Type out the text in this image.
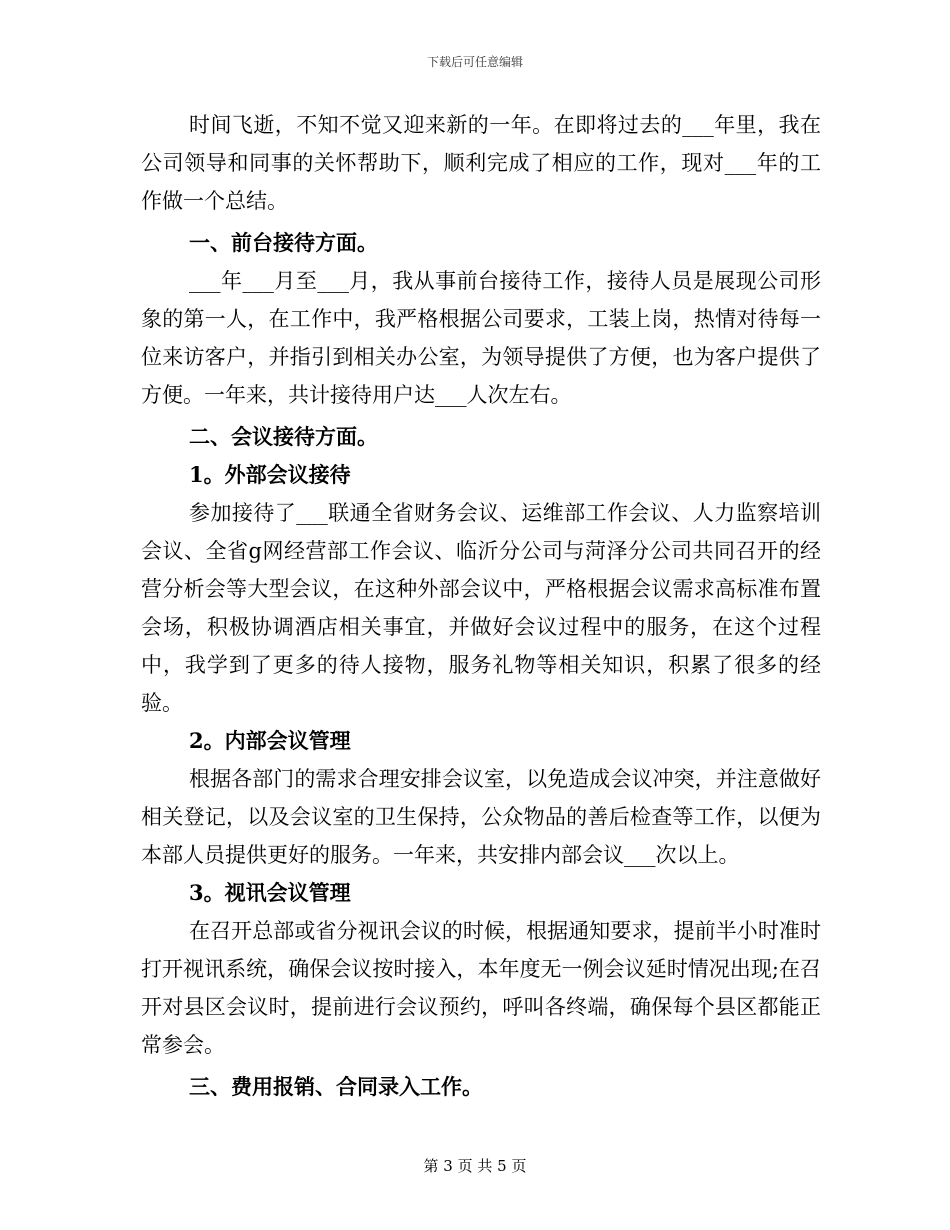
下载后可任意编辑

时间飞逝，不知不觉又迎来新的一年。在即将过去的___年里，我在公司领导和同事的关怀帮助下，顺利完成了相应的工作，现对___年的工作做一个总结。

一、前台接待方面。

___年___月至___月，我从事前台接待工作，接待人员是展现公司形象的第一人，在工作中，我严格根据公司要求，工装上岗，热情对待每一位来访客户，并指引到相关办公室，为领导提供了方便，也为客户提供了方便。一年来，共计接待用户达___人次左右。

二、会议接待方面。

1。外部会议接待

参加接待了___联通全省财务会议、运维部工作会议、人力监察培训会议、全省g网经营部工作会议、临沂分公司与菏泽分公司共同召开的经营分析会等大型会议，在这种外部会议中，严格根据会议需求高标准布置会场，积极协调酒店相关事宜，并做好会议过程中的服务，在这个过程中，我学到了更多的待人接物，服务礼物等相关知识，积累了很多的经验。

2。内部会议管理

根据各部门的需求合理安排会议室，以免造成会议冲突，并注意做好相关登记，以及会议室的卫生保持，公众物品的善后检查等工作，以便为本部人员提供更好的服务。一年来，共安排内部会议___次以上。

3。视讯会议管理

在召开总部或省分视讯会议的时候，根据通知要求，提前半小时准时打开视讯系统，确保会议按时接入，本年度无一例会议延时情况出现;在召开对县区会议时，提前进行会议预约，呼叫各终端，确保每个县区都能正常参会。

三、费用报销、合同录入工作。

第 3 页 共 5 页
